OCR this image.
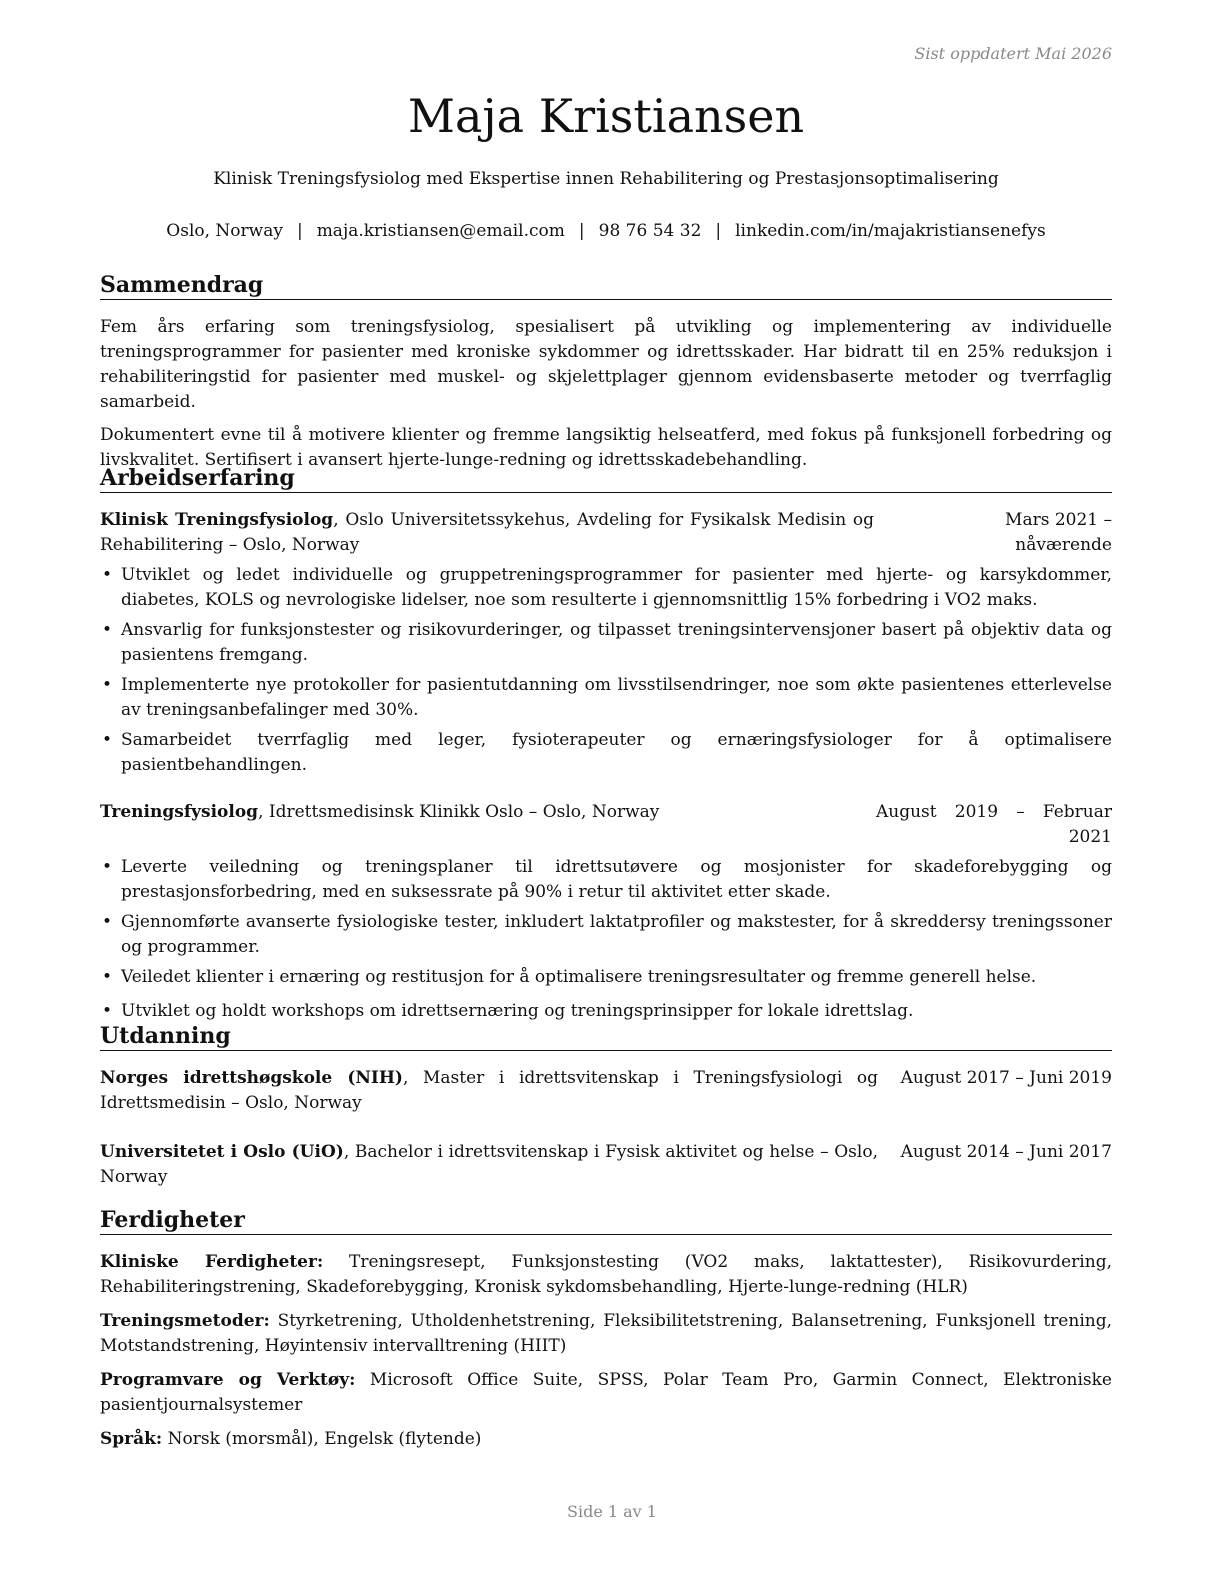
Sist oppdatert Mai 2026
Maja Kristiansen
Klinisk Treningsfysiolog med Ekspertise innen Rehabilitering og Prestasjonsoptimalisering
Oslo, Norway | maja.kristiansen@email.com | 98 76 54 32 | linkedin.com/in/majakristiansenefys
Sammendrag

Fem års erfaring som treningsfysiolog, spesialisert på utvikling og implementering av individuelle treningsprogrammer for pasienter med kroniske sykdommer og idrettsskader. Har bidratt til en 25% reduksjon i rehabiliteringstid for pasienter med muskel- og skjelettplager gjennom evidensbaserte metoder og tverrfaglig samarbeid.

Dokumentert evne til å motivere klienter og fremme langsiktig helseatferd, med fokus på funksjonell forbedring og livskvalitet. Sertifisert i avansert hjerte-lunge-redning og idrettsskadebehandling.

Arbeidserfaring
Klinisk Treningsfysiolog, Oslo Universitetssykehus, Avdeling for Fysikalsk Medisin og Rehabilitering – Oslo, Norway
Mars 2021 – nåværende
• Utviklet og ledet individuelle og gruppetreningsprogrammer for pasienter med hjerte- og karsykdommer, diabetes, KOLS og nevrologiske lidelser, noe som resulterte i gjennomsnittlig 15% forbedring i VO2 maks.
• Ansvarlig for funksjonstester og risikovurderinger, og tilpasset treningsintervensjoner basert på objektiv data og pasientens fremgang.
• Implementerte nye protokoller for pasientutdanning om livsstilsendringer, noe som økte pasientenes etterlevelse av treningsanbefalinger med 30%.
• Samarbeidet tverrfaglig med leger, fysioterapeuter og ernæringsfysiologer for å optimalisere pasientbehandlingen.
Treningsfysiolog, Idrettsmedisinsk Klinikk Oslo – Oslo, Norway	August 2019 – Februar 2021
• Leverte veiledning og treningsplaner til idrettsutøvere og mosjonister for skadeforebygging og prestasjonsforbedring, med en suksessrate på 90% i retur til aktivitet etter skade.
• Gjennomførte avanserte fysiologiske tester, inkludert laktatprofiler og makstester, for å skreddersy treningssoner og programmer.
• Veiledet klienter i ernæring og restitusjon for å optimalisere treningsresultater og fremme generell helse.
• Utviklet og holdt workshops om idrettsernæring og treningsprinsipper for lokale idrettslag.
Utdanning
Norges idrettshøgskole (NIH), Master i idrettsvitenskap i Treningsfysiologi og Idrettsmedisin – Oslo, Norway
August 2017 – Juni 2019
Universitetet i Oslo (UiO), Bachelor i idrettsvitenskap i Fysisk aktivitet og helse – Oslo, Norway
August 2014 – Juni 2017
Ferdigheter

Kliniske Ferdigheter: Treningsresept, Funksjonstesting (VO2 maks, laktattester), Risikovurdering, Rehabiliteringstrening, Skadeforebygging, Kronisk sykdomsbehandling, Hjerte-lunge-redning (HLR)

Treningsmetoder: Styrketrening, Utholdenhetstrening, Fleksibilitetstrening, Balansetrening, Funksjonell trening, Motstandstrening, Høyintensiv intervalltrening (HIIT)

Programvare og Verktøy: Microsoft Office Suite, SPSS, Polar Team Pro, Garmin Connect, Elektroniske pasientjournalsystemer

Språk: Norsk (morsmål), Engelsk (flytende)

Side 1 av 1
